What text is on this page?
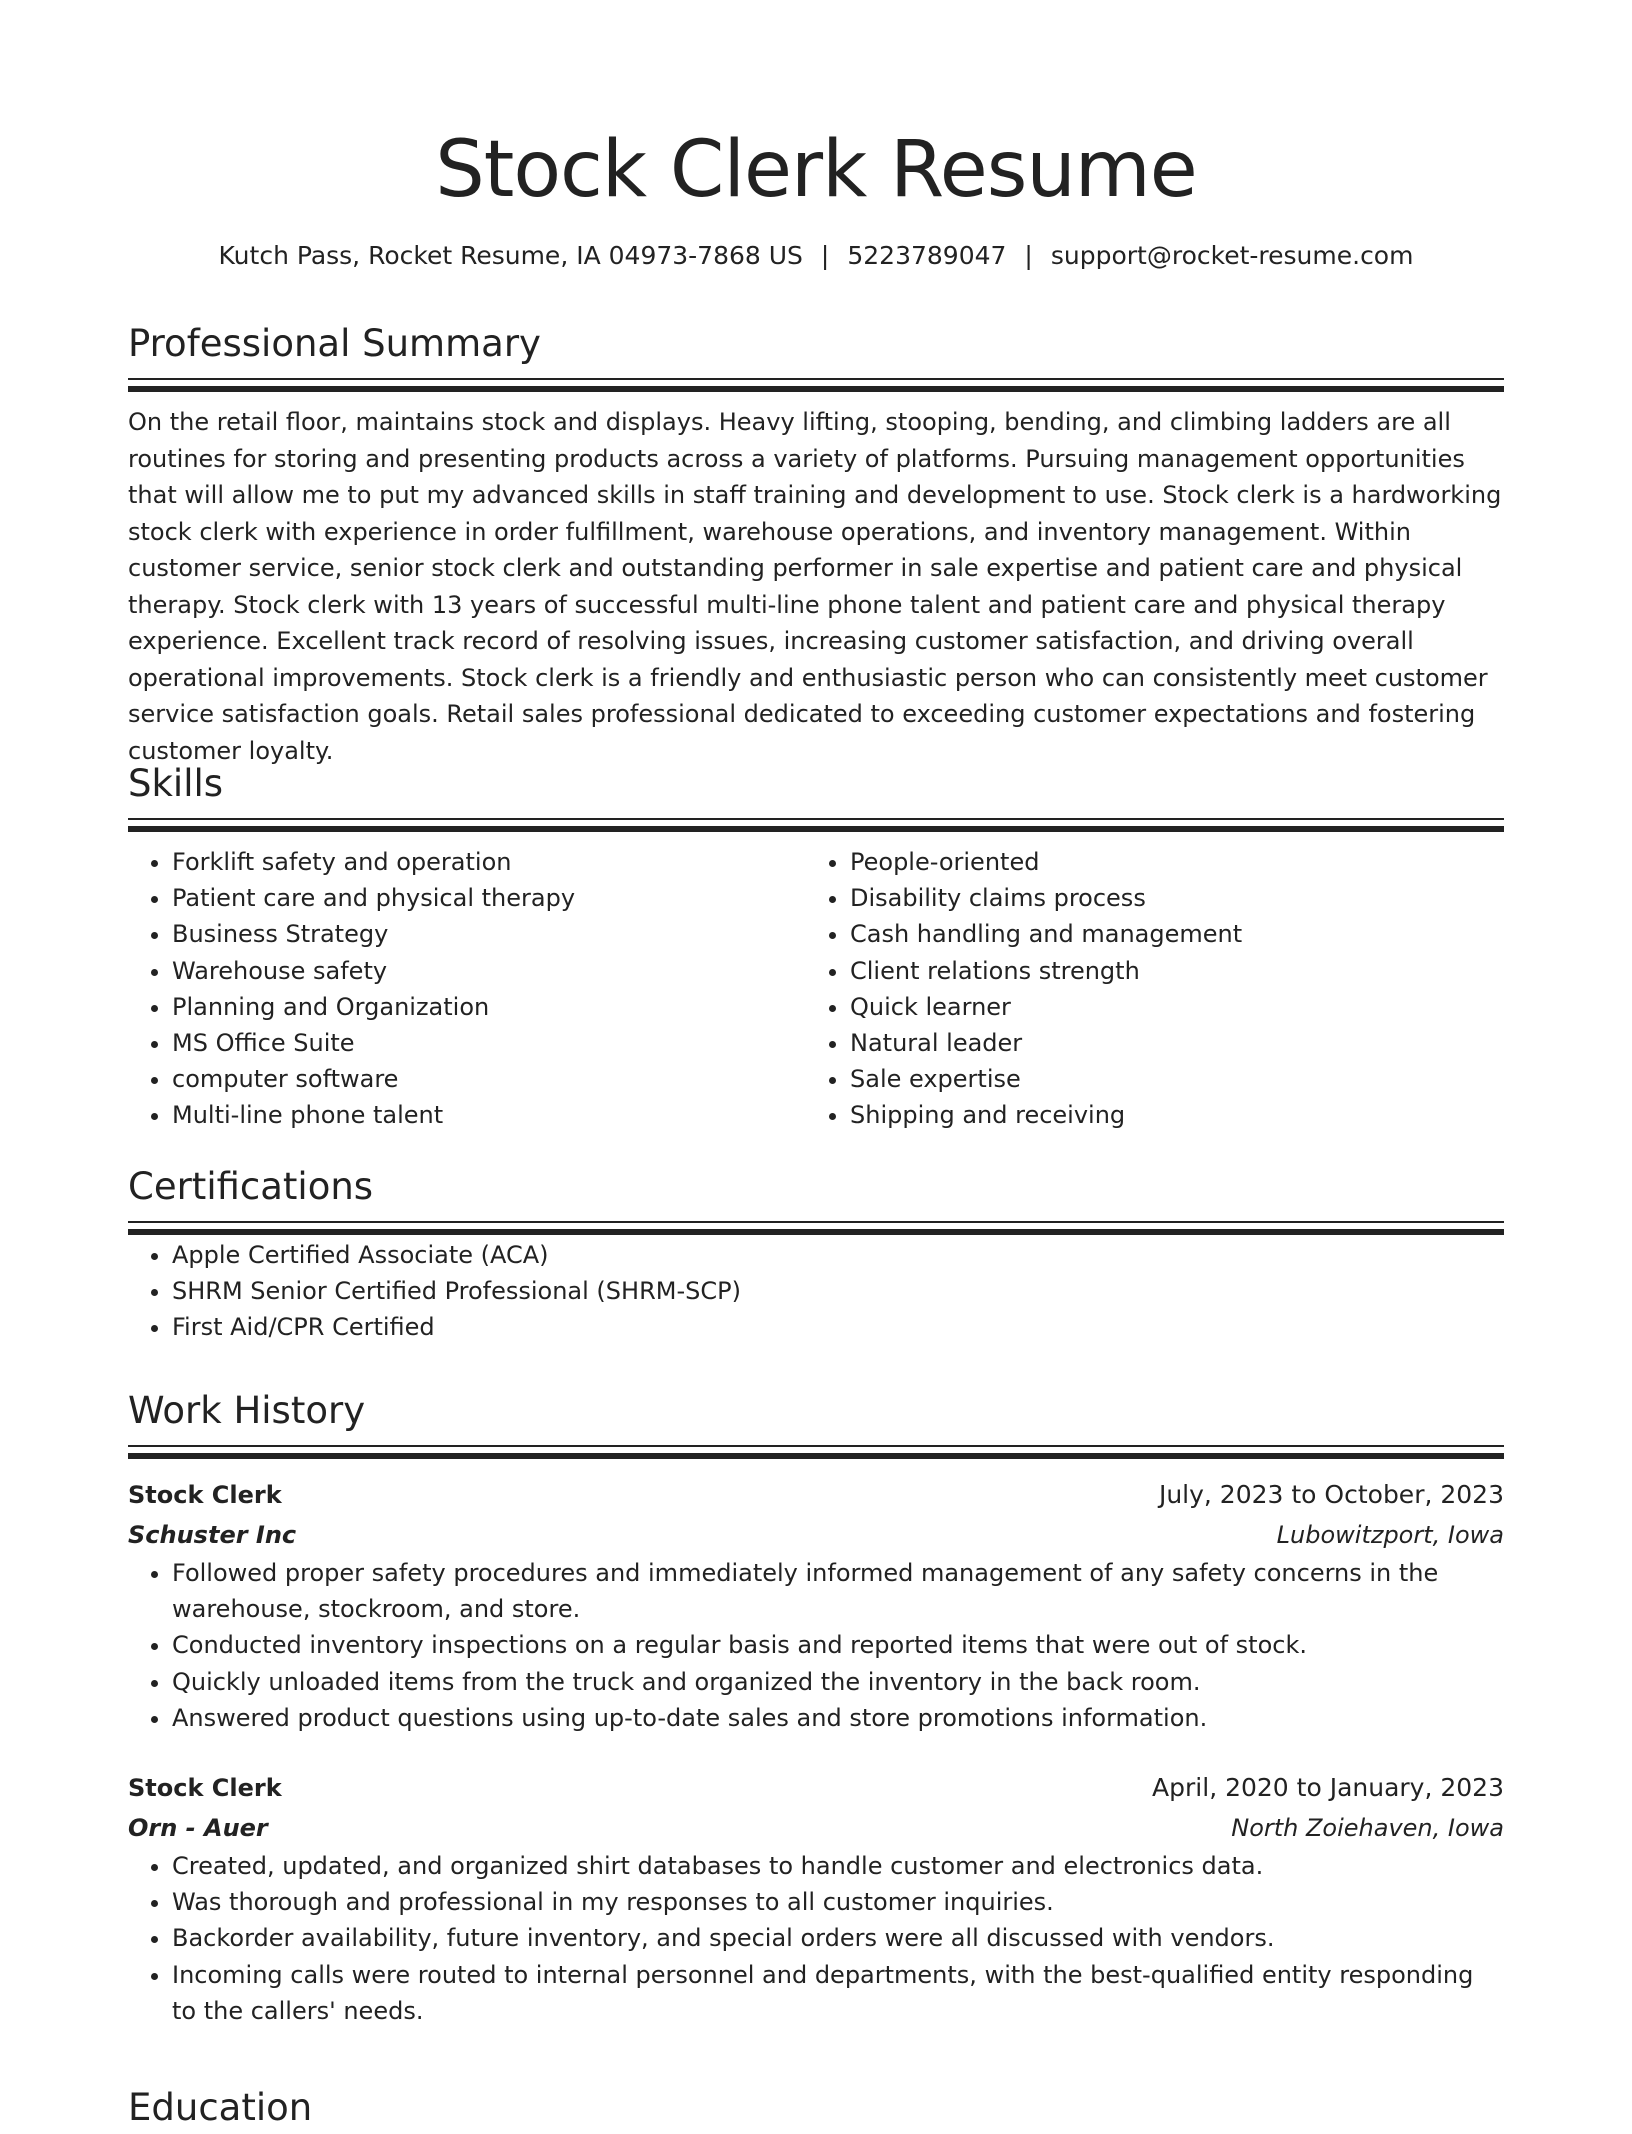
Stock Clerk Resume
Kutch Pass, Rocket Resume, IA 04973-7868 US | 5223789047 | support@rocket-resume.com
Professional Summary

On the retail floor, maintains stock and displays. Heavy lifting, stooping, bending, and climbing ladders are all routines for storing and presenting products across a variety of platforms. Pursuing management opportunities that will allow me to put my advanced skills in staff training and development to use. Stock clerk is a hardworking stock clerk with experience in order fulfillment, warehouse operations, and inventory management. Within customer service, senior stock clerk and outstanding performer in sale expertise and patient care and physical therapy. Stock clerk with 13 years of successful multi-line phone talent and patient care and physical therapy experience. Excellent track record of resolving issues, increasing customer satisfaction, and driving overall operational improvements. Stock clerk is a friendly and enthusiastic person who can consistently meet customer service satisfaction goals. Retail sales professional dedicated to exceeding customer expectations and fostering customer loyalty.

Skills
• Forklift safety and operation
• Patient care and physical therapy
• Business Strategy
• Warehouse safety
• Planning and Organization
• MS Office Suite
• computer software
• Multi-line phone talent
• People-oriented
• Disability claims process
• Cash handling and management
• Client relations strength
• Quick learner
• Natural leader
• Sale expertise
• Shipping and receiving
Certifications
• Apple Certified Associate (ACA)
• SHRM Senior Certified Professional (SHRM-SCP)
• First Aid/CPR Certified
Work History
Stock Clerk	July, 2023 to October, 2023
Schuster Inc	Lubowitzport, Iowa
• Followed proper safety procedures and immediately informed management of any safety concerns in the warehouse, stockroom, and store.
• Conducted inventory inspections on a regular basis and reported items that were out of stock.
• Quickly unloaded items from the truck and organized the inventory in the back room.
• Answered product questions using up-to-date sales and store promotions information.
Stock Clerk	April, 2020 to January, 2023
Orn - Auer	North Zoiehaven, Iowa
• Created, updated, and organized shirt databases to handle customer and electronics data.
• Was thorough and professional in my responses to all customer inquiries.
• Backorder availability, future inventory, and special orders were all discussed with vendors.
• Incoming calls were routed to internal personnel and departments, with the best-qualified entity responding to the callers' needs.
Education
